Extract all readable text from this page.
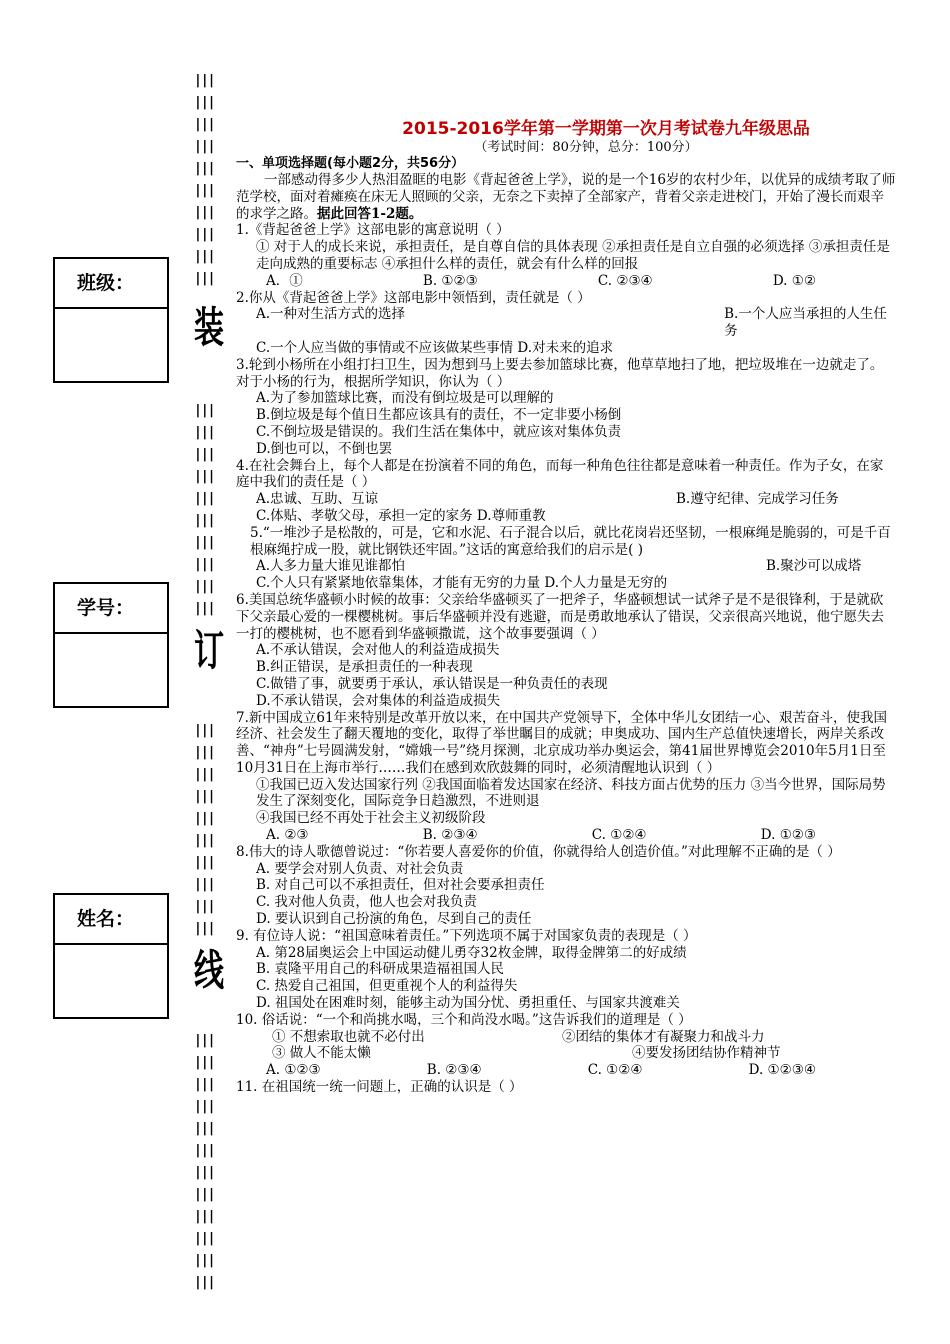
班级：
学号：
姓名：
|||
|||
|||
|||
|||
|||
|||
|||
|||
|||
装
|||
|||
|||
|||
|||
|||
|||
|||
|||
|||
订
|||
|||
|||
|||
|||
|||
|||
|||
|||
|||
线
|||
|||
|||
|||
|||
|||
|||
|||
|||
|||
|||
|||
2015-2016学年第一学期第一次月考试卷九年级思品
（考试时间：80分钟，总分：100分）
一、单项选择题(每小题2分，共56分）

一部感动得多少人热泪盈眶的电影《背起爸爸上学》，说的是一个16岁的农村少年，以优异的成绩考取了师范学校，面对着瘫痪在床无人照顾的父亲，无奈之下卖掉了全部家产，背着父亲走进校门，开始了漫长而艰辛的求学之路。据此回答1-2题。

1.《背起爸爸上学》这部电影的寓意说明（ ）

① 对于人的成长来说，承担责任，是自尊自信的具体表现 ②承担责任是自立自强的必须选择 ③承担责任是走向成熟的重要标志 ④承担什么样的责任，就会有什么样的回报

A．①	B. ①②③	C. ②③④	D. ①②

2.你从《背起爸爸上学》这部电影中领悟到，责任就是（ ）

A.一种对生活方式的选择	B.一个人应当承担的人生任务

C.一个人应当做的事情或不应该做某些事情 D.对未来的追求

3.轮到小杨所在小组打扫卫生，因为想到马上要去参加篮球比赛，他草草地扫了地，把垃圾堆在一边就走了。对于小杨的行为，根据所学知识，你认为（ ）

A.为了参加篮球比赛，而没有倒垃圾是可以理解的

B.倒垃圾是每个值日生都应该具有的责任，不一定非要小杨倒

C.不倒垃圾是错误的。我们生活在集体中，就应该对集体负责

D.倒也可以，不倒也罢

4.在社会舞台上，每个人都是在扮演着不同的角色，而每一种角色往往都是意味着一种责任。作为子女，在家庭中我们的责任是（ ）

A.忠诚、互助、互谅	B.遵守纪律、完成学习任务

C.体贴、孝敬父母，承担一定的家务 D.尊师重教

5.“一堆沙子是松散的，可是，它和水泥、石子混合以后，就比花岗岩还坚韧，一根麻绳是脆弱的，可是千百根麻绳拧成一股，就比钢铁还牢固。”这话的寓意给我们的启示是( )

A.人多力量大谁见谁都怕	B.聚沙可以成塔

C.个人只有紧紧地依靠集体，才能有无穷的力量 D.个人力量是无穷的

6.美国总统华盛顿小时候的故事：父亲给华盛顿买了一把斧子，华盛顿想试一试斧子是不是很锋利，于是就砍下父亲最心爱的一棵樱桃树。事后华盛顿并没有逃避，而是勇敢地承认了错误，父亲很高兴地说，他宁愿失去一打的樱桃树，也不愿看到华盛顿撒谎，这个故事要强调（ ）

A.不承认错误，会对他人的利益造成损失

B.纠正错误，是承担责任的一种表现

C.做错了事，就要勇于承认，承认错误是一种负责任的表现

D.不承认错误，会对集体的利益造成损失

7.新中国成立61年来特别是改革开放以来，在中国共产党领导下，全体中华儿女团结一心、艰苦奋斗，使我国经济、社会发生了翻天覆地的变化，取得了举世瞩目的成就；申奥成功、国内生产总值快速增长，两岸关系改善、“神舟”七号圆满发射，“嫦娥一号”绕月探测，北京成功举办奥运会，第41届世界博览会2010年5月1日至10月31日在上海市举行……我们在感到欢欣鼓舞的同时，必须清醒地认识到（ ）

①我国已迈入发达国家行列 ②我国面临着发达国家在经济、科技方面占优势的压力 ③当今世界，国际局势发生了深刻变化，国际竞争日趋激烈，不进则退

④我国已经不再处于社会主义初级阶段

A. ②③	B. ②③④	C. ①②④	D. ①②③

8.伟大的诗人歌德曾说过：“你若要人喜爱你的价值，你就得给人创造价值。”对此理解不正确的是（ ）

A. 要学会对别人负责、对社会负责

B. 对自己可以不承担责任，但对社会要承担责任

C. 我对他人负责，他人也会对我负责

D. 要认识到自己扮演的角色，尽到自己的责任

9. 有位诗人说：“祖国意味着责任。”下列选项不属于对国家负责的表现是（ ）

A. 第28届奥运会上中国运动健儿勇夺32枚金牌，取得金牌第二的好成绩

B. 袁隆平用自己的科研成果造福祖国人民

C. 热爱自己祖国，但更重视个人的利益得失

D. 祖国处在困难时刻，能够主动为国分忧、勇担重任、与国家共渡难关

10. 俗话说：“一个和尚挑水喝，三个和尚没水喝。”这告诉我们的道理是（ ）

① 不想索取也就不必付出	②团结的集体才有凝聚力和战斗力
③ 做人不能太懒	④要发扬团结协作精神节
A. ①②③	B. ②③④	C. ①②④	D. ①②③④

11. 在祖国统一统一问题上，正确的认识是（ ）
